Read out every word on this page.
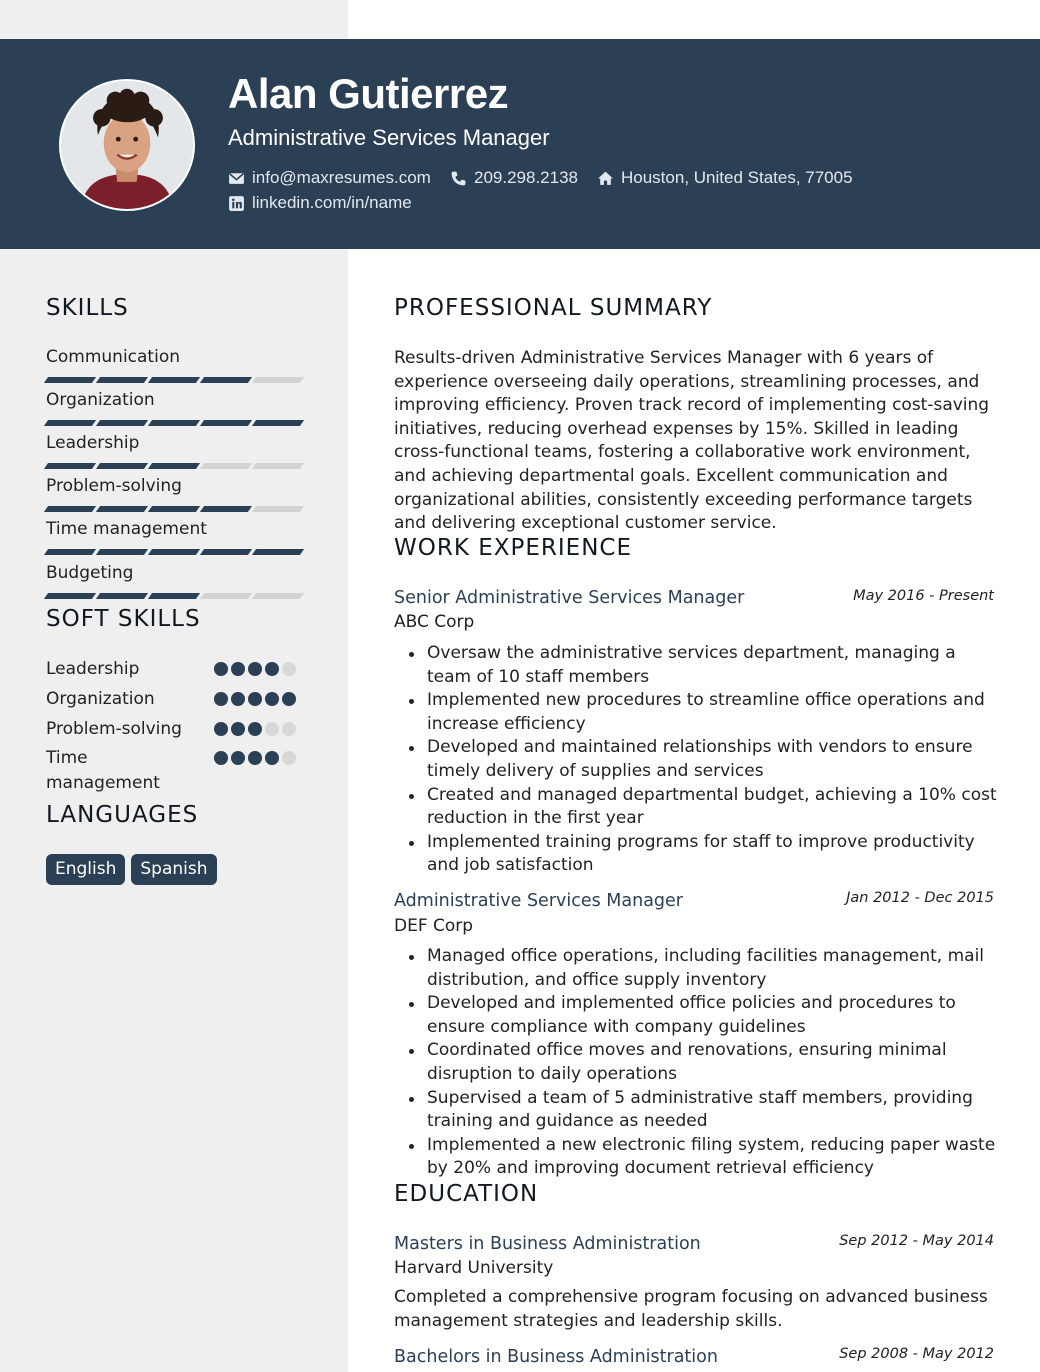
Alan Gutierrez
Administrative Services Manager
info@maxresumes.com	209.298.2138	Houston, United States, 77005
linkedin.com/in/name
SKILLS
Communication
Organization
Leadership
Problem-solving
Time management
Budgeting
SOFT SKILLS
Leadership
Organization
Problem-solving
Time management
LANGUAGES
English	Spanish
PROFESSIONAL SUMMARY
Results-driven Administrative Services Manager with 6 years of experience overseeing daily operations, streamlining processes, and improving efficiency. Proven track record of implementing cost-saving initiatives, reducing overhead expenses by 15%. Skilled in leading cross-functional teams, fostering a collaborative work environment, and achieving departmental goals. Excellent communication and organizational abilities, consistently exceeding performance targets and delivering exceptional customer service.
WORK EXPERIENCE
Senior Administrative Services Manager	May 2016 - Present
ABC Corp
Oversaw the administrative services department, managing a team of 10 staff members
Implemented new procedures to streamline office operations and increase efficiency
Developed and maintained relationships with vendors to ensure timely delivery of supplies and services
Created and managed departmental budget, achieving a 10% cost reduction in the first year
Implemented training programs for staff to improve productivity and job satisfaction
Administrative Services Manager	Jan 2012 - Dec 2015
DEF Corp
Managed office operations, including facilities management, mail distribution, and office supply inventory
Developed and implemented office policies and procedures to ensure compliance with company guidelines
Coordinated office moves and renovations, ensuring minimal disruption to daily operations
Supervised a team of 5 administrative staff members, providing training and guidance as needed
Implemented a new electronic filing system, reducing paper waste by 20% and improving document retrieval efficiency
EDUCATION
Masters in Business Administration	Sep 2012 - May 2014
Harvard University
Completed a comprehensive program focusing on advanced business management strategies and leadership skills.
Bachelors in Business Administration	Sep 2008 - May 2012
